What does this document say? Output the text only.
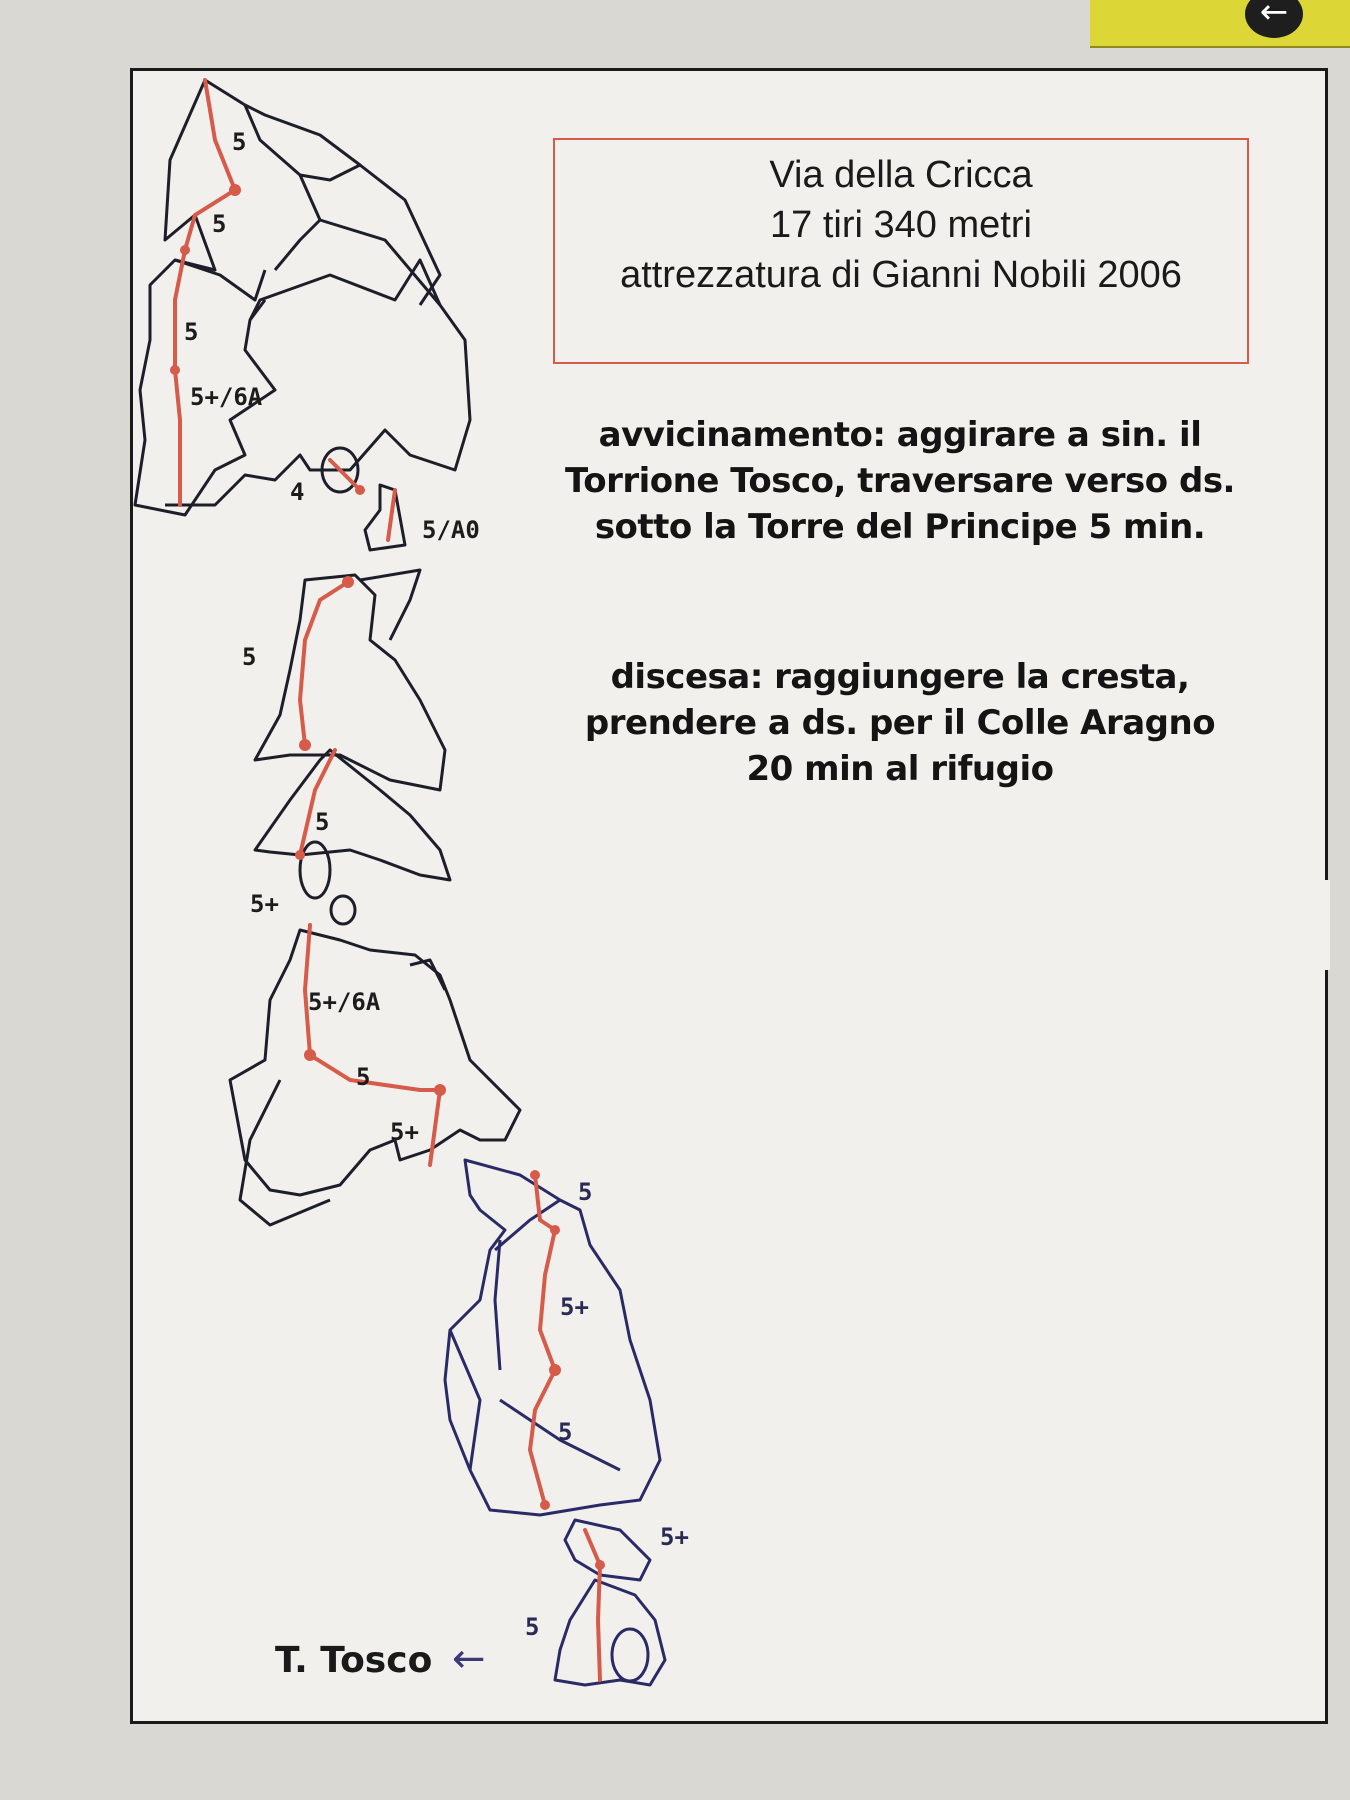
←
5
5
5
5+/6A
4
5/A0
5
5
5+
5+/6A
5
5+
5
5+
5
5+
5
Via della Cricca
17 tiri 340 metri
attrezzatura di Gianni Nobili 2006
avvicinamento: aggirare a sin. il
Torrione Tosco, traversare verso ds.
sotto la Torre del Principe 5 min.
discesa: raggiungere la cresta,
prendere a ds. per il Colle Aragno
20 min al rifugio
T. Tosco ←
